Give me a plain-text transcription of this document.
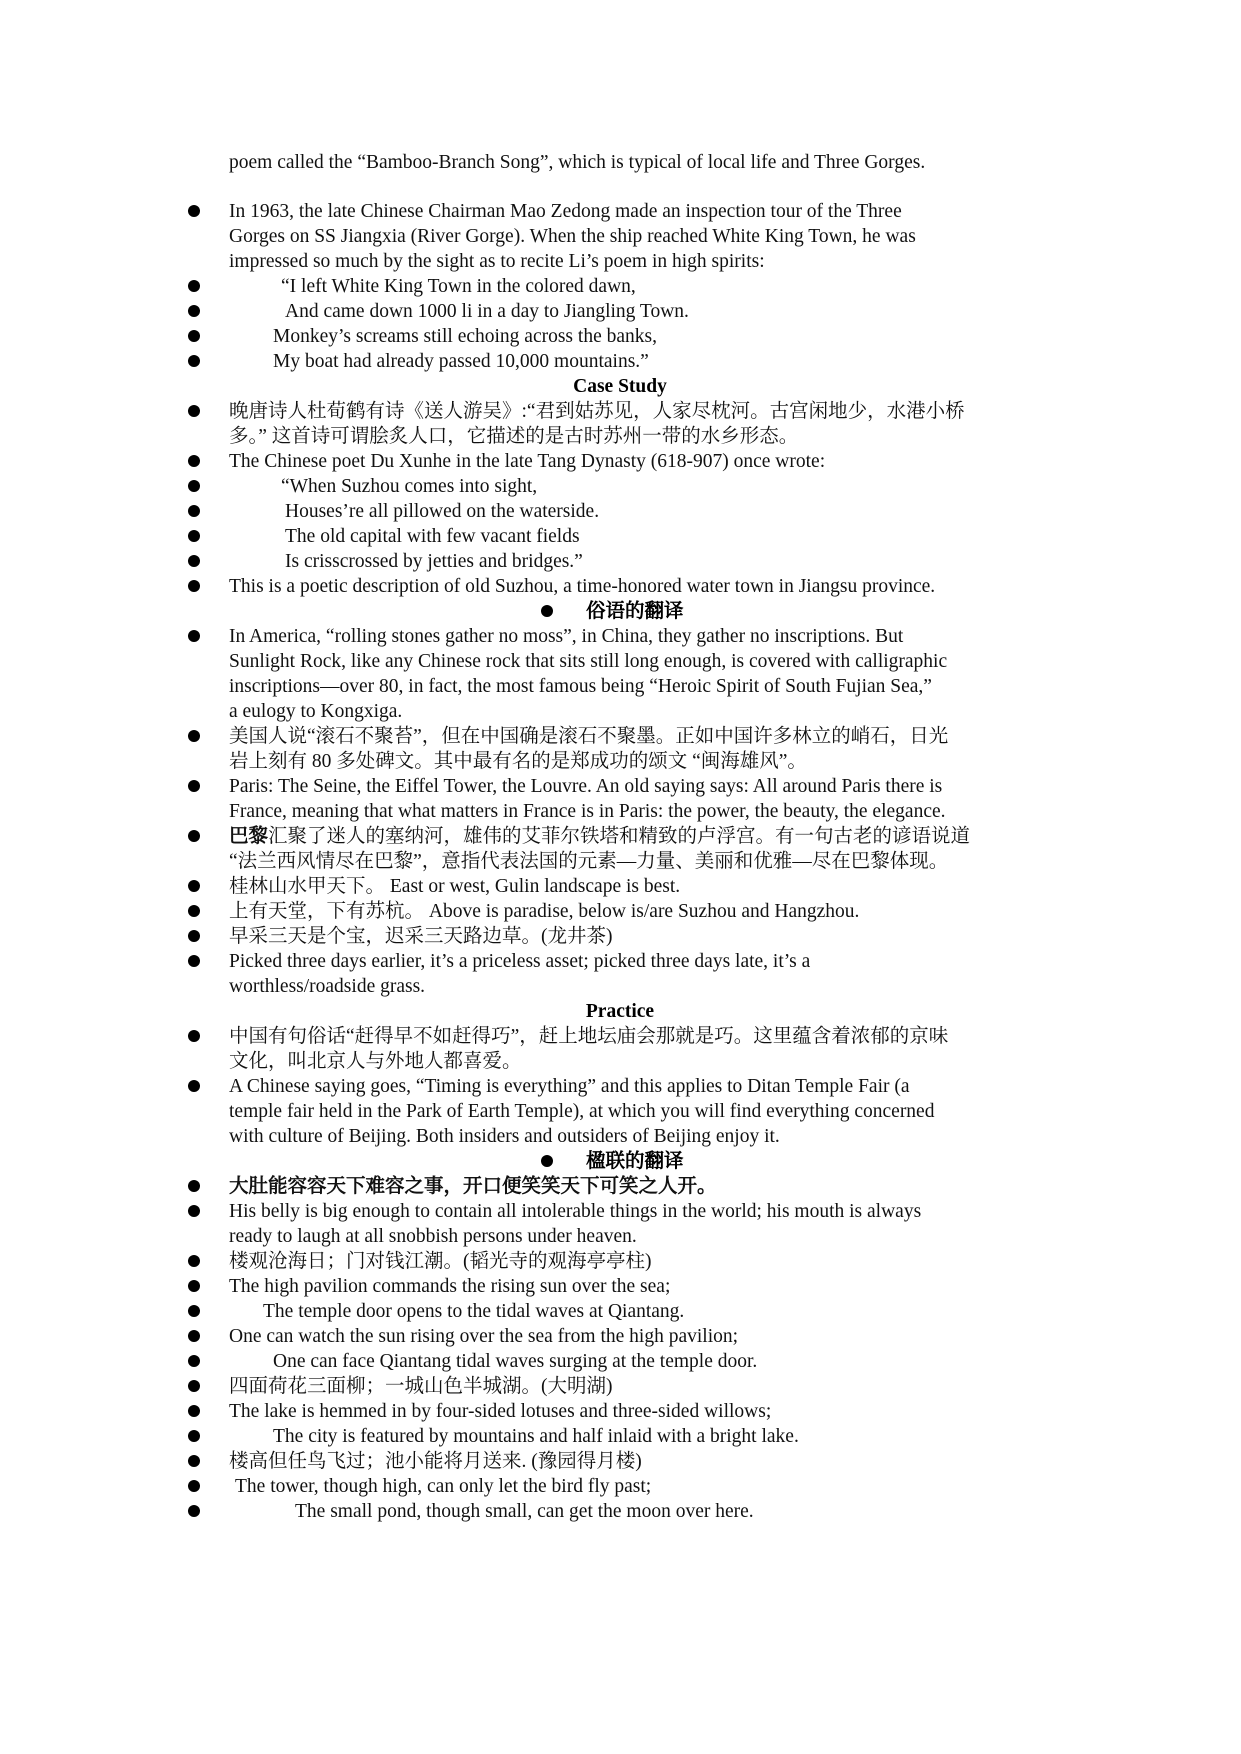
poem called the “Bamboo-Branch Song”, which is typical of local life and Three Gorges.
In 1963, the late Chinese Chairman Mao Zedong made an inspection tour of the Three
Gorges on SS Jiangxia (River Gorge). When the ship reached White King Town, he was
impressed so much by the sight as to recite Li’s poem in high spirits:
“I left White King Town in the colored dawn,
And came down 1000 li in a day to Jiangling Town.
Monkey’s screams still echoing across the banks,
My boat had already passed 10,000 mountains.”
Case Study
晚唐诗人杜荀鹤有诗《送人游吴》:“君到姑苏见，人家尽枕河。古宫闲地少，水港小桥
多。” 这首诗可谓脍炙人口，它描述的是古时苏州一带的水乡形态。
The Chinese poet Du Xunhe in the late Tang Dynasty (618-907) once wrote:
“When Suzhou comes into sight,
Houses’re all pillowed on the waterside.
The old capital with few vacant fields
Is crisscrossed by jetties and bridges.”
This is a poetic description of old Suzhou, a time-honored water town in Jiangsu province.
俗语的翻译
In America, “rolling stones gather no moss”, in China, they gather no inscriptions. But
Sunlight Rock, like any Chinese rock that sits still long enough, is covered with calligraphic
inscriptions—over 80, in fact, the most famous being “Heroic Spirit of South Fujian Sea,”
a eulogy to Kongxiga.
美国人说“滚石不聚苔”，但在中国确是滚石不聚墨。正如中国许多林立的峭石，日光
岩上刻有 80 多处碑文。其中最有名的是郑成功的颂文 “闽海雄风”。
Paris: The Seine, the Eiffel Tower, the Louvre. An old saying says: All around Paris there is
France, meaning that what matters in France is in Paris: the power, the beauty, the elegance.
巴黎汇聚了迷人的塞纳河，雄伟的艾菲尔铁塔和精致的卢浮宫。有一句古老的谚语说道
“法兰西风情尽在巴黎”，意指代表法国的元素—力量、美丽和优雅—尽在巴黎体现。
桂林山水甲天下。 East or west, Gulin landscape is best.
上有天堂，下有苏杭。 Above is paradise, below is/are Suzhou and Hangzhou.
早采三天是个宝，迟采三天路边草。(龙井茶)
Picked three days earlier, it’s a priceless asset; picked three days late, it’s a
worthless/roadside grass.
Practice
中国有句俗话“赶得早不如赶得巧”，赶上地坛庙会那就是巧。这里蕴含着浓郁的京味
文化，叫北京人与外地人都喜爱。
A Chinese saying goes, “Timing is everything” and this applies to Ditan Temple Fair (a
temple fair held in the Park of Earth Temple), at which you will find everything concerned
with culture of Beijing. Both insiders and outsiders of Beijing enjoy it.
楹联的翻译
大肚能容容天下难容之事，开口便笑笑天下可笑之人开。
His belly is big enough to contain all intolerable things in the world; his mouth is always
ready to laugh at all snobbish persons under heaven.
楼观沧海日；门对钱江潮。(韬光寺的观海亭亭柱)
The high pavilion commands the rising sun over the sea;
The temple door opens to the tidal waves at Qiantang.
One can watch the sun rising over the sea from the high pavilion;
One can face Qiantang tidal waves surging at the temple door.
四面荷花三面柳；一城山色半城湖。(大明湖)
The lake is hemmed in by four-sided lotuses and three-sided willows;
The city is featured by mountains and half inlaid with a bright lake.
楼高但任鸟飞过；池小能将月送来. (豫园得月楼)
The tower, though high, can only let the bird fly past;
The small pond, though small, can get the moon over here.
